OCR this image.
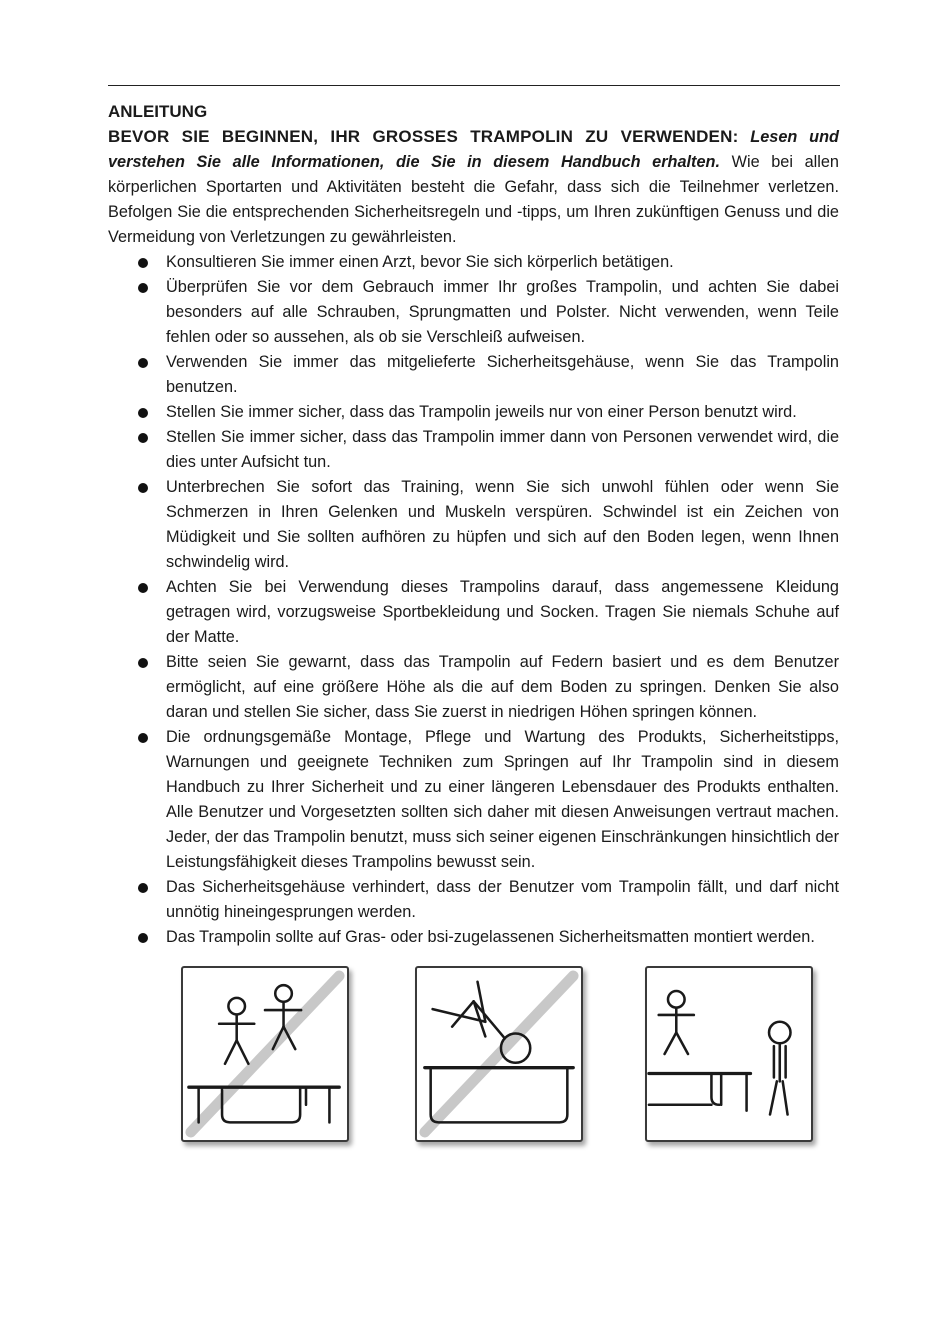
ANLEITUNG

BEVOR SIE BEGINNEN, IHR GROSSES TRAMPOLIN ZU VERWENDEN: Lesen und verstehen Sie alle Informationen, die Sie in diesem Handbuch erhalten. Wie bei allen körperlichen Sportarten und Aktivitäten besteht die Gefahr, dass sich die Teilnehmer verletzen. Befolgen Sie die entsprechenden Sicherheitsregeln und -tipps, um Ihren zukünftigen Genuss und die Vermeidung von Verletzungen zu gewährleisten.

Konsultieren Sie immer einen Arzt, bevor Sie sich körperlich betätigen.
Überprüfen Sie vor dem Gebrauch immer Ihr großes Trampolin, und achten Sie dabei besonders auf alle Schrauben, Sprungmatten und Polster. Nicht verwenden, wenn Teile fehlen oder so aussehen, als ob sie Verschleiß aufweisen.
Verwenden Sie immer das mitgelieferte Sicherheitsgehäuse, wenn Sie das Trampolin benutzen.
Stellen Sie immer sicher, dass das Trampolin jeweils nur von einer Person benutzt wird.
Stellen Sie immer sicher, dass das Trampolin immer dann von Personen verwendet wird, die dies unter Aufsicht tun.
Unterbrechen Sie sofort das Training, wenn Sie sich unwohl fühlen oder wenn Sie Schmerzen in Ihren Gelenken und Muskeln verspüren. Schwindel ist ein Zeichen von Müdigkeit und Sie sollten aufhören zu hüpfen und sich auf den Boden legen, wenn Ihnen schwindelig wird.
Achten Sie bei Verwendung dieses Trampolins darauf, dass angemessene Kleidung getragen wird, vorzugsweise Sportbekleidung und Socken. Tragen Sie niemals Schuhe auf der Matte.
Bitte seien Sie gewarnt, dass das Trampolin auf Federn basiert und es dem Benutzer ermöglicht, auf eine größere Höhe als die auf dem Boden zu springen. Denken Sie also daran und stellen Sie sicher, dass Sie zuerst in niedrigen Höhen springen können.
Die ordnungsgemäße Montage, Pflege und Wartung des Produkts, Sicherheitstipps, Warnungen und geeignete Techniken zum Springen auf Ihr Trampolin sind in diesem Handbuch zu Ihrer Sicherheit und zu einer längeren Lebensdauer des Produkts enthalten. Alle Benutzer und Vorgesetzten sollten sich daher mit diesen Anweisungen vertraut machen. Jeder, der das Trampolin benutzt, muss sich seiner eigenen Einschränkungen hinsichtlich der Leistungsfähigkeit dieses Trampolins bewusst sein.
Das Sicherheitsgehäuse verhindert, dass der Benutzer vom Trampolin fällt, und darf nicht unnötig hineingesprungen werden.
Das Trampolin sollte auf Gras- oder bsi-zugelassenen Sicherheitsmatten montiert werden.
